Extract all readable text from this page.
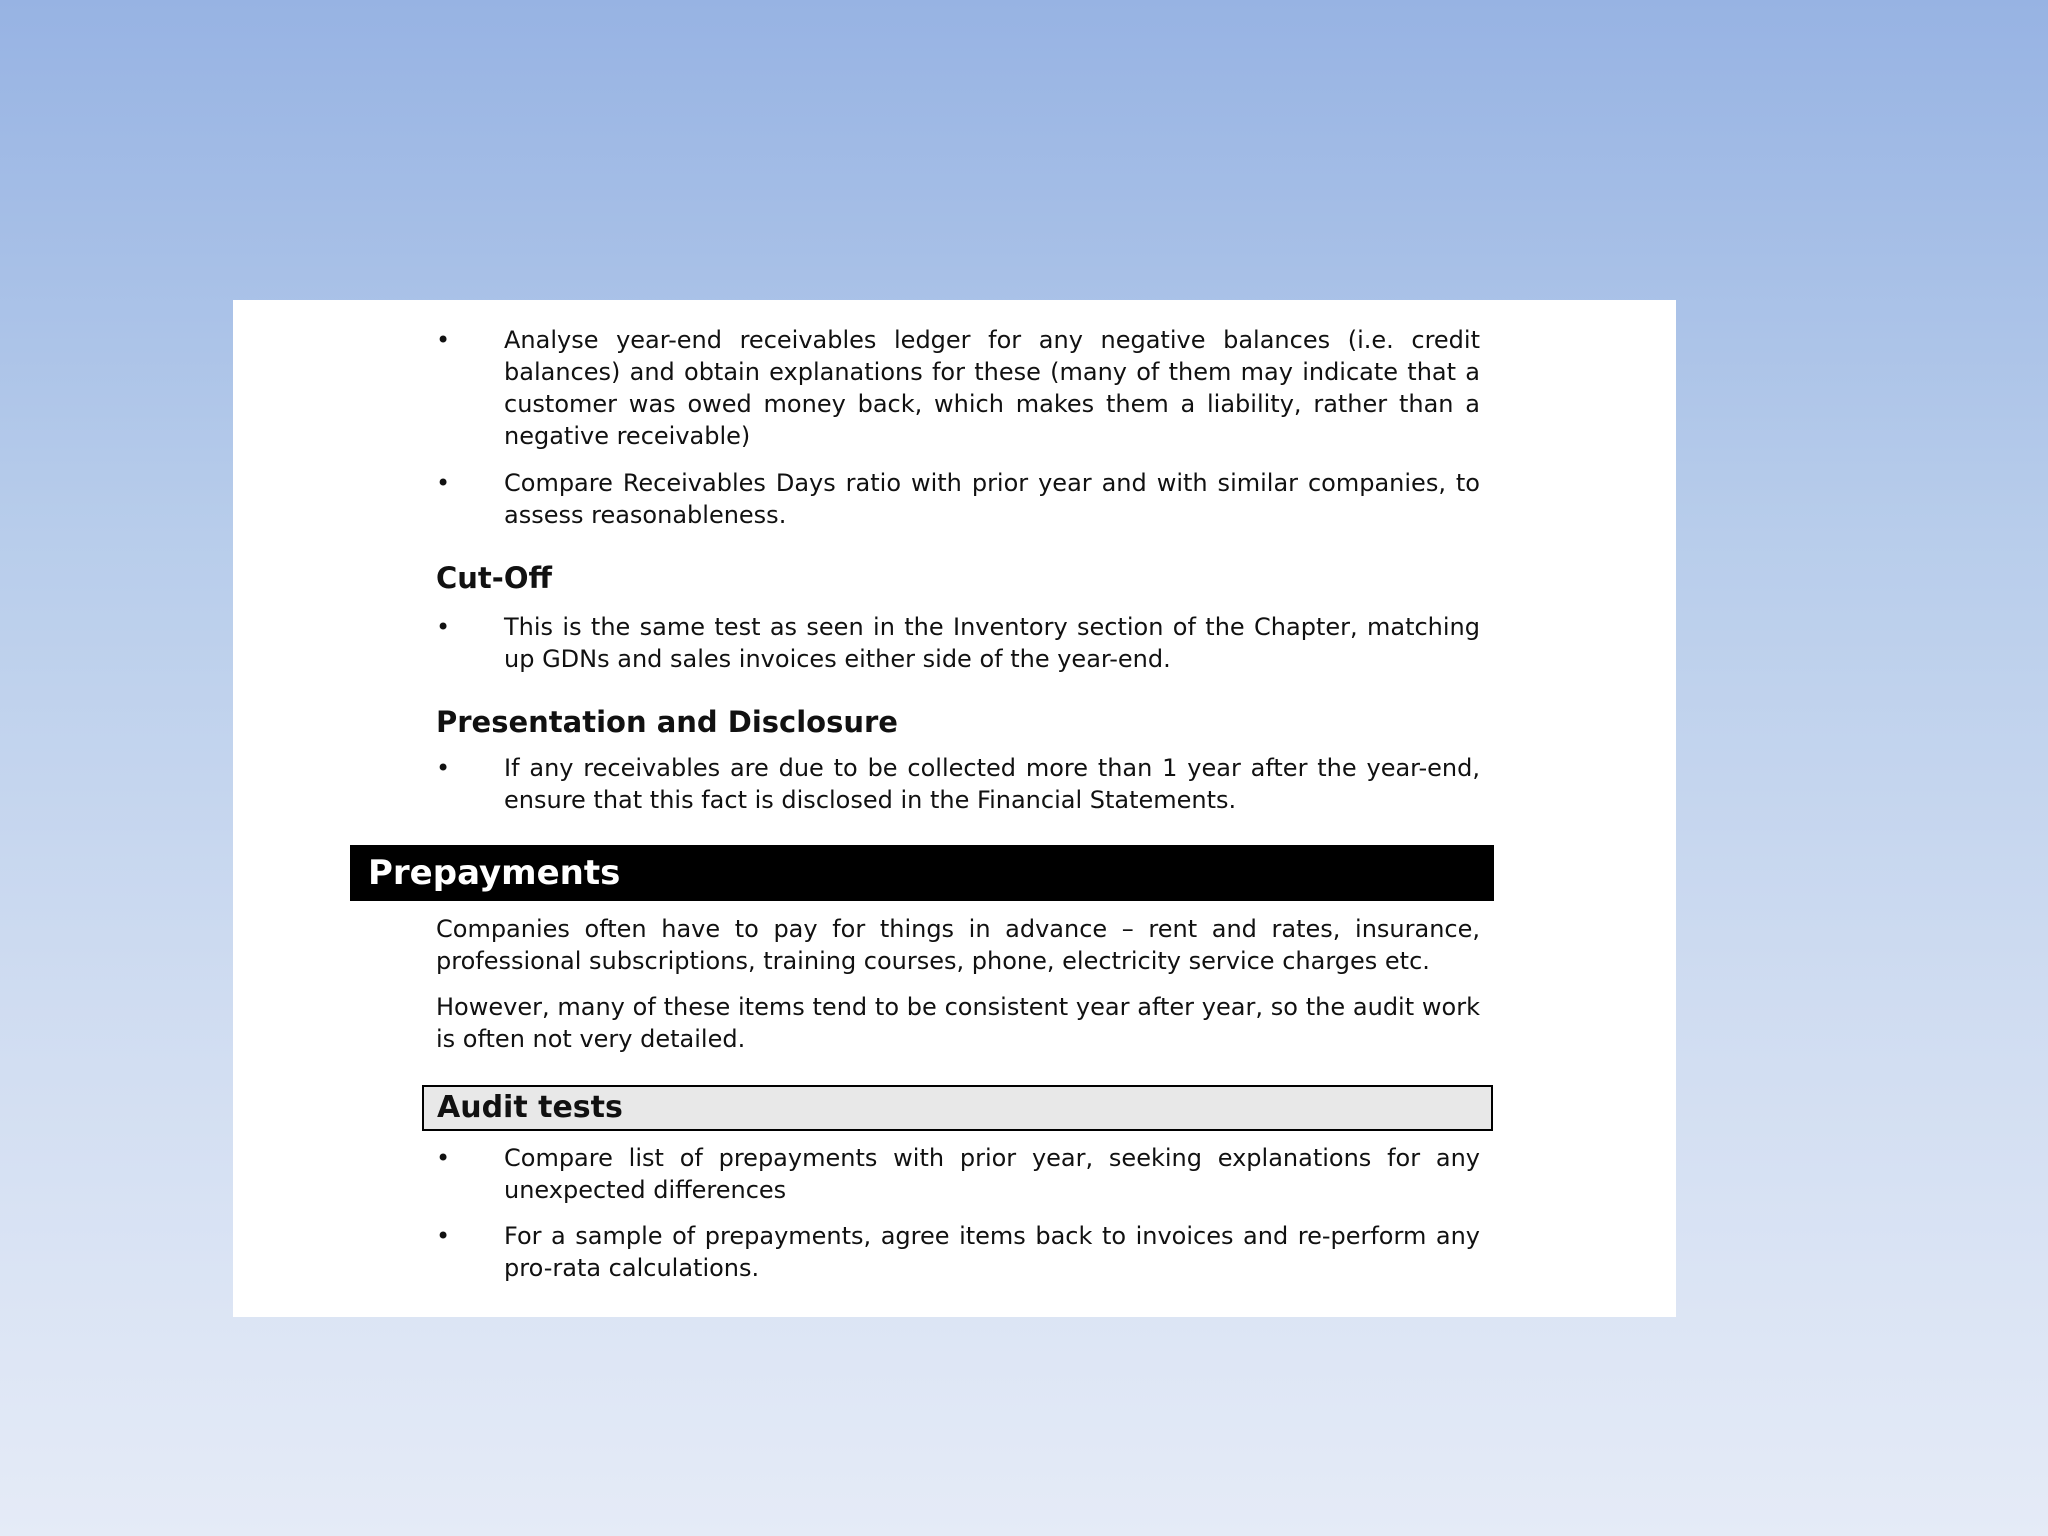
• Analyse year-end receivables ledger for any negative balances (i.e. credit balances) and obtain explanations for these (many of them may indicate that a customer was owed money back, which makes them a liability, rather than a negative receivable)
• Compare Receivables Days ratio with prior year and with similar companies, to assess reasonableness.
Cut-Off
• This is the same test as seen in the Inventory section of the Chapter, matching up GDNs and sales invoices either side of the year-end.
Presentation and Disclosure
• If any receivables are due to be collected more than 1 year after the year-end, ensure that this fact is disclosed in the Financial Statements.
Prepayments
Companies often have to pay for things in advance – rent and rates, insurance, professional subscriptions, training courses, phone, electricity service charges etc.
However, many of these items tend to be consistent year after year, so the audit work is often not very detailed.
Audit tests
• Compare list of prepayments with prior year, seeking explanations for any unexpected differences
• For a sample of prepayments, agree items back to invoices and re-perform any pro-rata calculations.
